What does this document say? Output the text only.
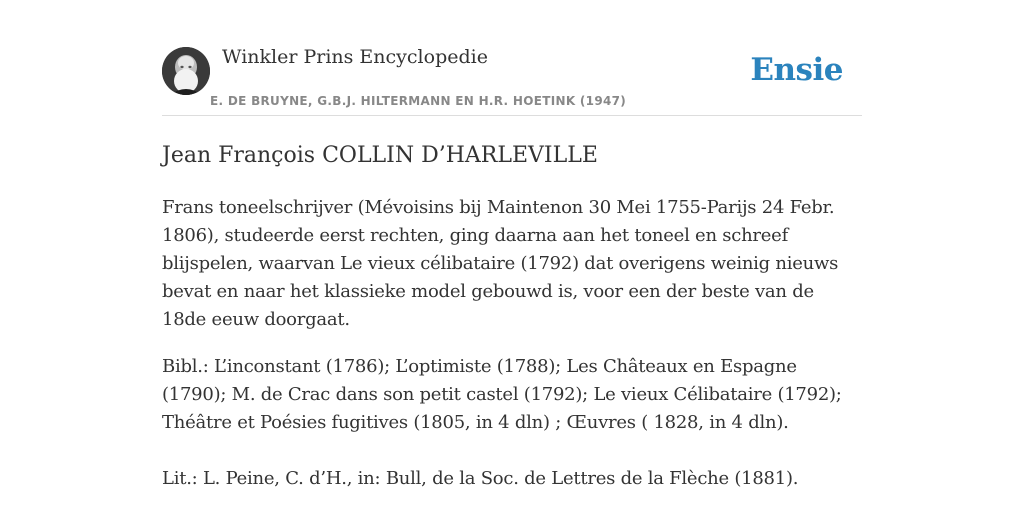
Winkler Prins Encyclopedie
E. DE BRUYNE, G.B.J. HILTERMANN EN H.R. HOETINK (1947)
Ensie
Jean François COLLIN D’HARLEVILLE

Frans toneelschrijver (Mévoisins bij Maintenon 30 Mei 1755-Parijs 24 Febr. 1806), studeerde eerst rechten, ging daarna aan het toneel en schreef blijspelen, waarvan Le vieux célibataire (1792) dat overigens weinig nieuws bevat en naar het klassieke model gebouwd is, voor een der beste van de 18de eeuw doorgaat.

Bibl.: L’inconstant (1786); L’optimiste (1788); Les Châteaux en Espagne (1790); M. de Crac dans son petit castel (1792); Le vieux Célibataire (1792); Théâtre et Poésies fugitives (1805, in 4 dln) ; Œuvres ( 1828, in 4 dln).

Lit.: L. Peine, C. d’H., in: Bull, de la Soc. de Lettres de la Flèche (1881).
